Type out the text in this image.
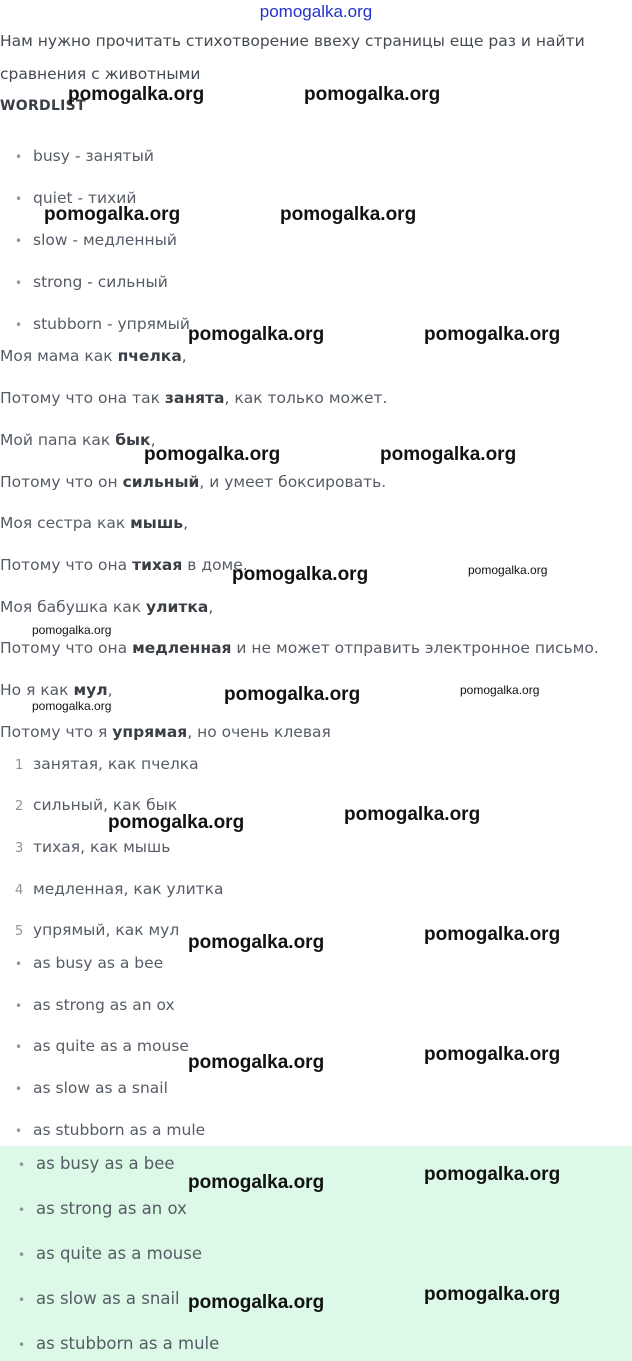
pomogalka.org
Нам нужно прочитать стихотворение ввеху страницы еще раз и найти
сравнения с животными
WORDLIST
• busy - занятый
• quiet - тихий
• slow - медленный
• strong - сильный
• stubborn - упрямый
Моя мама как пчелка,
Потому что она так занята, как только может.
Мой папа как бык,
Потому что он сильный, и умеет боксировать.
Моя сестра как мышь,
Потому что она тихая в доме.
Моя бабушка как улитка,
Потому что она медленная и не может отправить электронное письмо.
Но я как мул,
Потому что я упрямая, но очень клевая
1 занятая, как пчелка
2 сильный, как бык
3 тихая, как мышь
4 медленная, как улитка
5 упрямый, как мул
• as busy as a bee
• as strong as an ox
• as quite as a mouse
• as slow as a snail
• as stubborn as a mule
• as busy as a bee
• as strong as an ox
• as quite as a mouse
• as slow as a snail
• as stubborn as a mule
pomogalka.org	pomogalka.org
pomogalka.org	pomogalka.org
pomogalka.org	pomogalka.org
pomogalka.org	pomogalka.org
pomogalka.org	pomogalka.org
pomogalka.org
pomogalka.org	pomogalka.org
pomogalka.org
pomogalka.org	pomogalka.org
pomogalka.org	pomogalka.org
pomogalka.org	pomogalka.org
pomogalka.org	pomogalka.org
pomogalka.org	pomogalka.org
